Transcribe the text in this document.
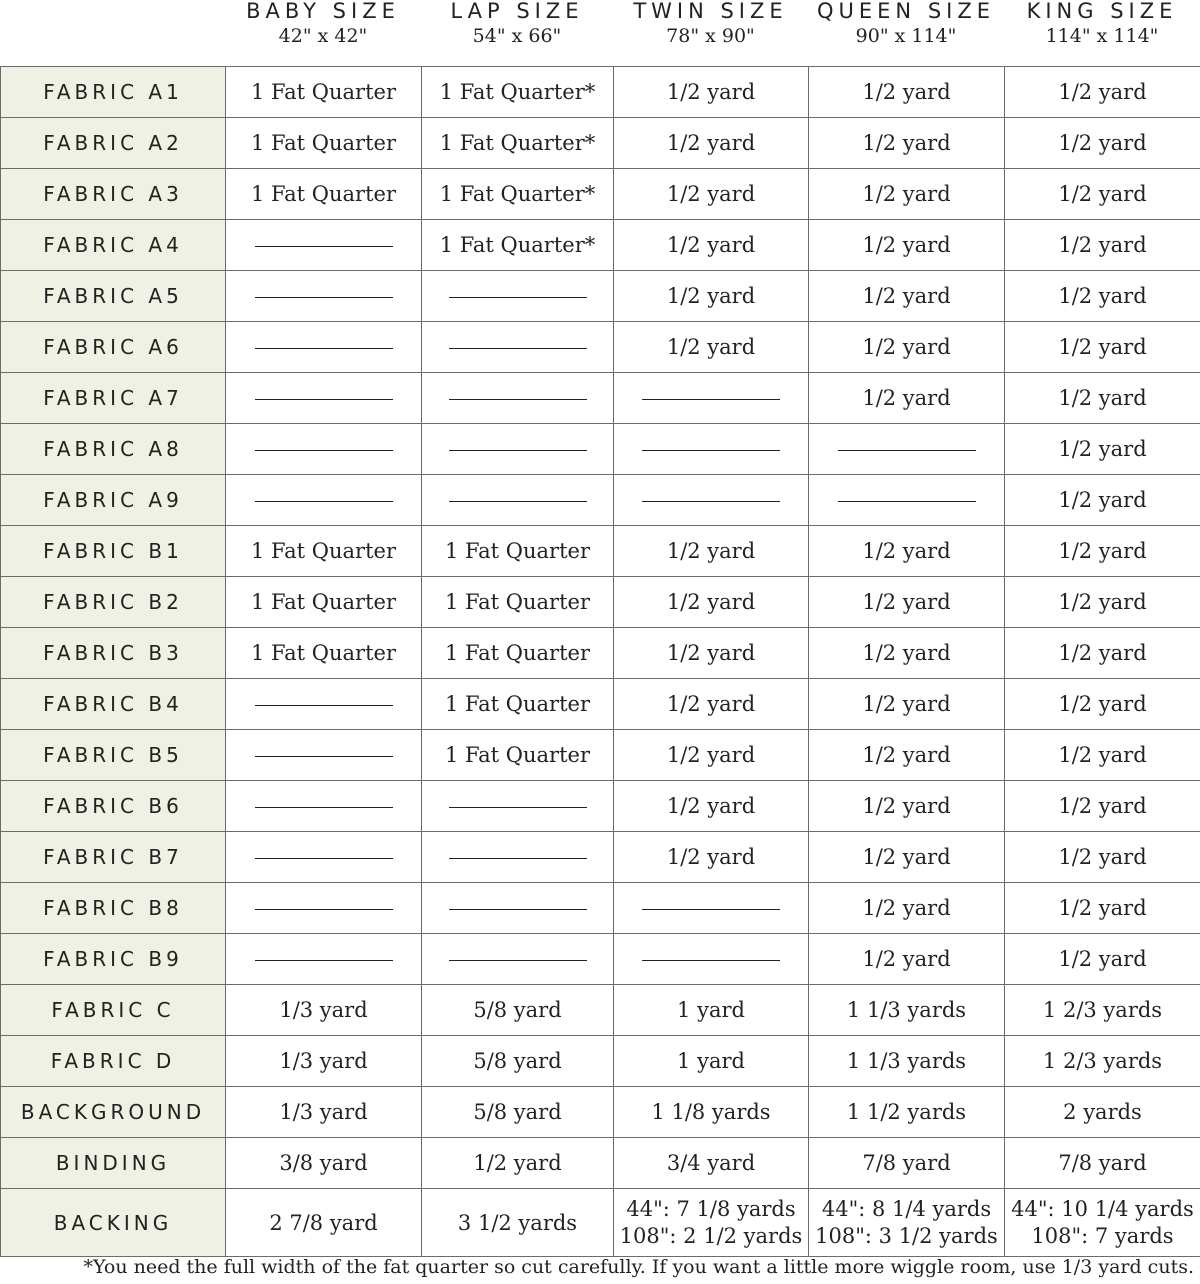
BABY SIZE
42" x 42"
LAP SIZE
54" x 66"
TWIN SIZE
78" x 90"
QUEEN SIZE
90" x 114"
KING SIZE
114" x 114"
FABRIC A1	1 Fat Quarter	1 Fat Quarter*	1/2 yard	1/2 yard	1/2 yard
FABRIC A2	1 Fat Quarter	1 Fat Quarter*	1/2 yard	1/2 yard	1/2 yard
FABRIC A3	1 Fat Quarter	1 Fat Quarter*	1/2 yard	1/2 yard	1/2 yard
FABRIC A4		1 Fat Quarter*	1/2 yard	1/2 yard	1/2 yard
FABRIC A5			1/2 yard	1/2 yard	1/2 yard
FABRIC A6			1/2 yard	1/2 yard	1/2 yard
FABRIC A7				1/2 yard	1/2 yard
FABRIC A8					1/2 yard
FABRIC A9					1/2 yard
FABRIC B1	1 Fat Quarter	1 Fat Quarter	1/2 yard	1/2 yard	1/2 yard
FABRIC B2	1 Fat Quarter	1 Fat Quarter	1/2 yard	1/2 yard	1/2 yard
FABRIC B3	1 Fat Quarter	1 Fat Quarter	1/2 yard	1/2 yard	1/2 yard
FABRIC B4		1 Fat Quarter	1/2 yard	1/2 yard	1/2 yard
FABRIC B5		1 Fat Quarter	1/2 yard	1/2 yard	1/2 yard
FABRIC B6			1/2 yard	1/2 yard	1/2 yard
FABRIC B7			1/2 yard	1/2 yard	1/2 yard
FABRIC B8				1/2 yard	1/2 yard
FABRIC B9				1/2 yard	1/2 yard
FABRIC C	1/3 yard	5/8 yard	1 yard	1 1/3 yards	1 2/3 yards
FABRIC D	1/3 yard	5/8 yard	1 yard	1 1/3 yards	1 2/3 yards
BACKGROUND	1/3 yard	5/8 yard	1 1/8 yards	1 1/2 yards	2 yards
BINDING	3/8 yard	1/2 yard	3/4 yard	7/8 yard	7/8 yard
BACKING	2 7/8 yard	3 1/2 yards	44": 7 1/8 yards
108": 2 1/2 yards	44": 8 1/4 yards
108": 3 1/2 yards	44": 10 1/4 yards
108": 7 yards
*You need the full width of the fat quarter so cut carefully. If you want a little more wiggle room, use 1/3 yard cuts.
